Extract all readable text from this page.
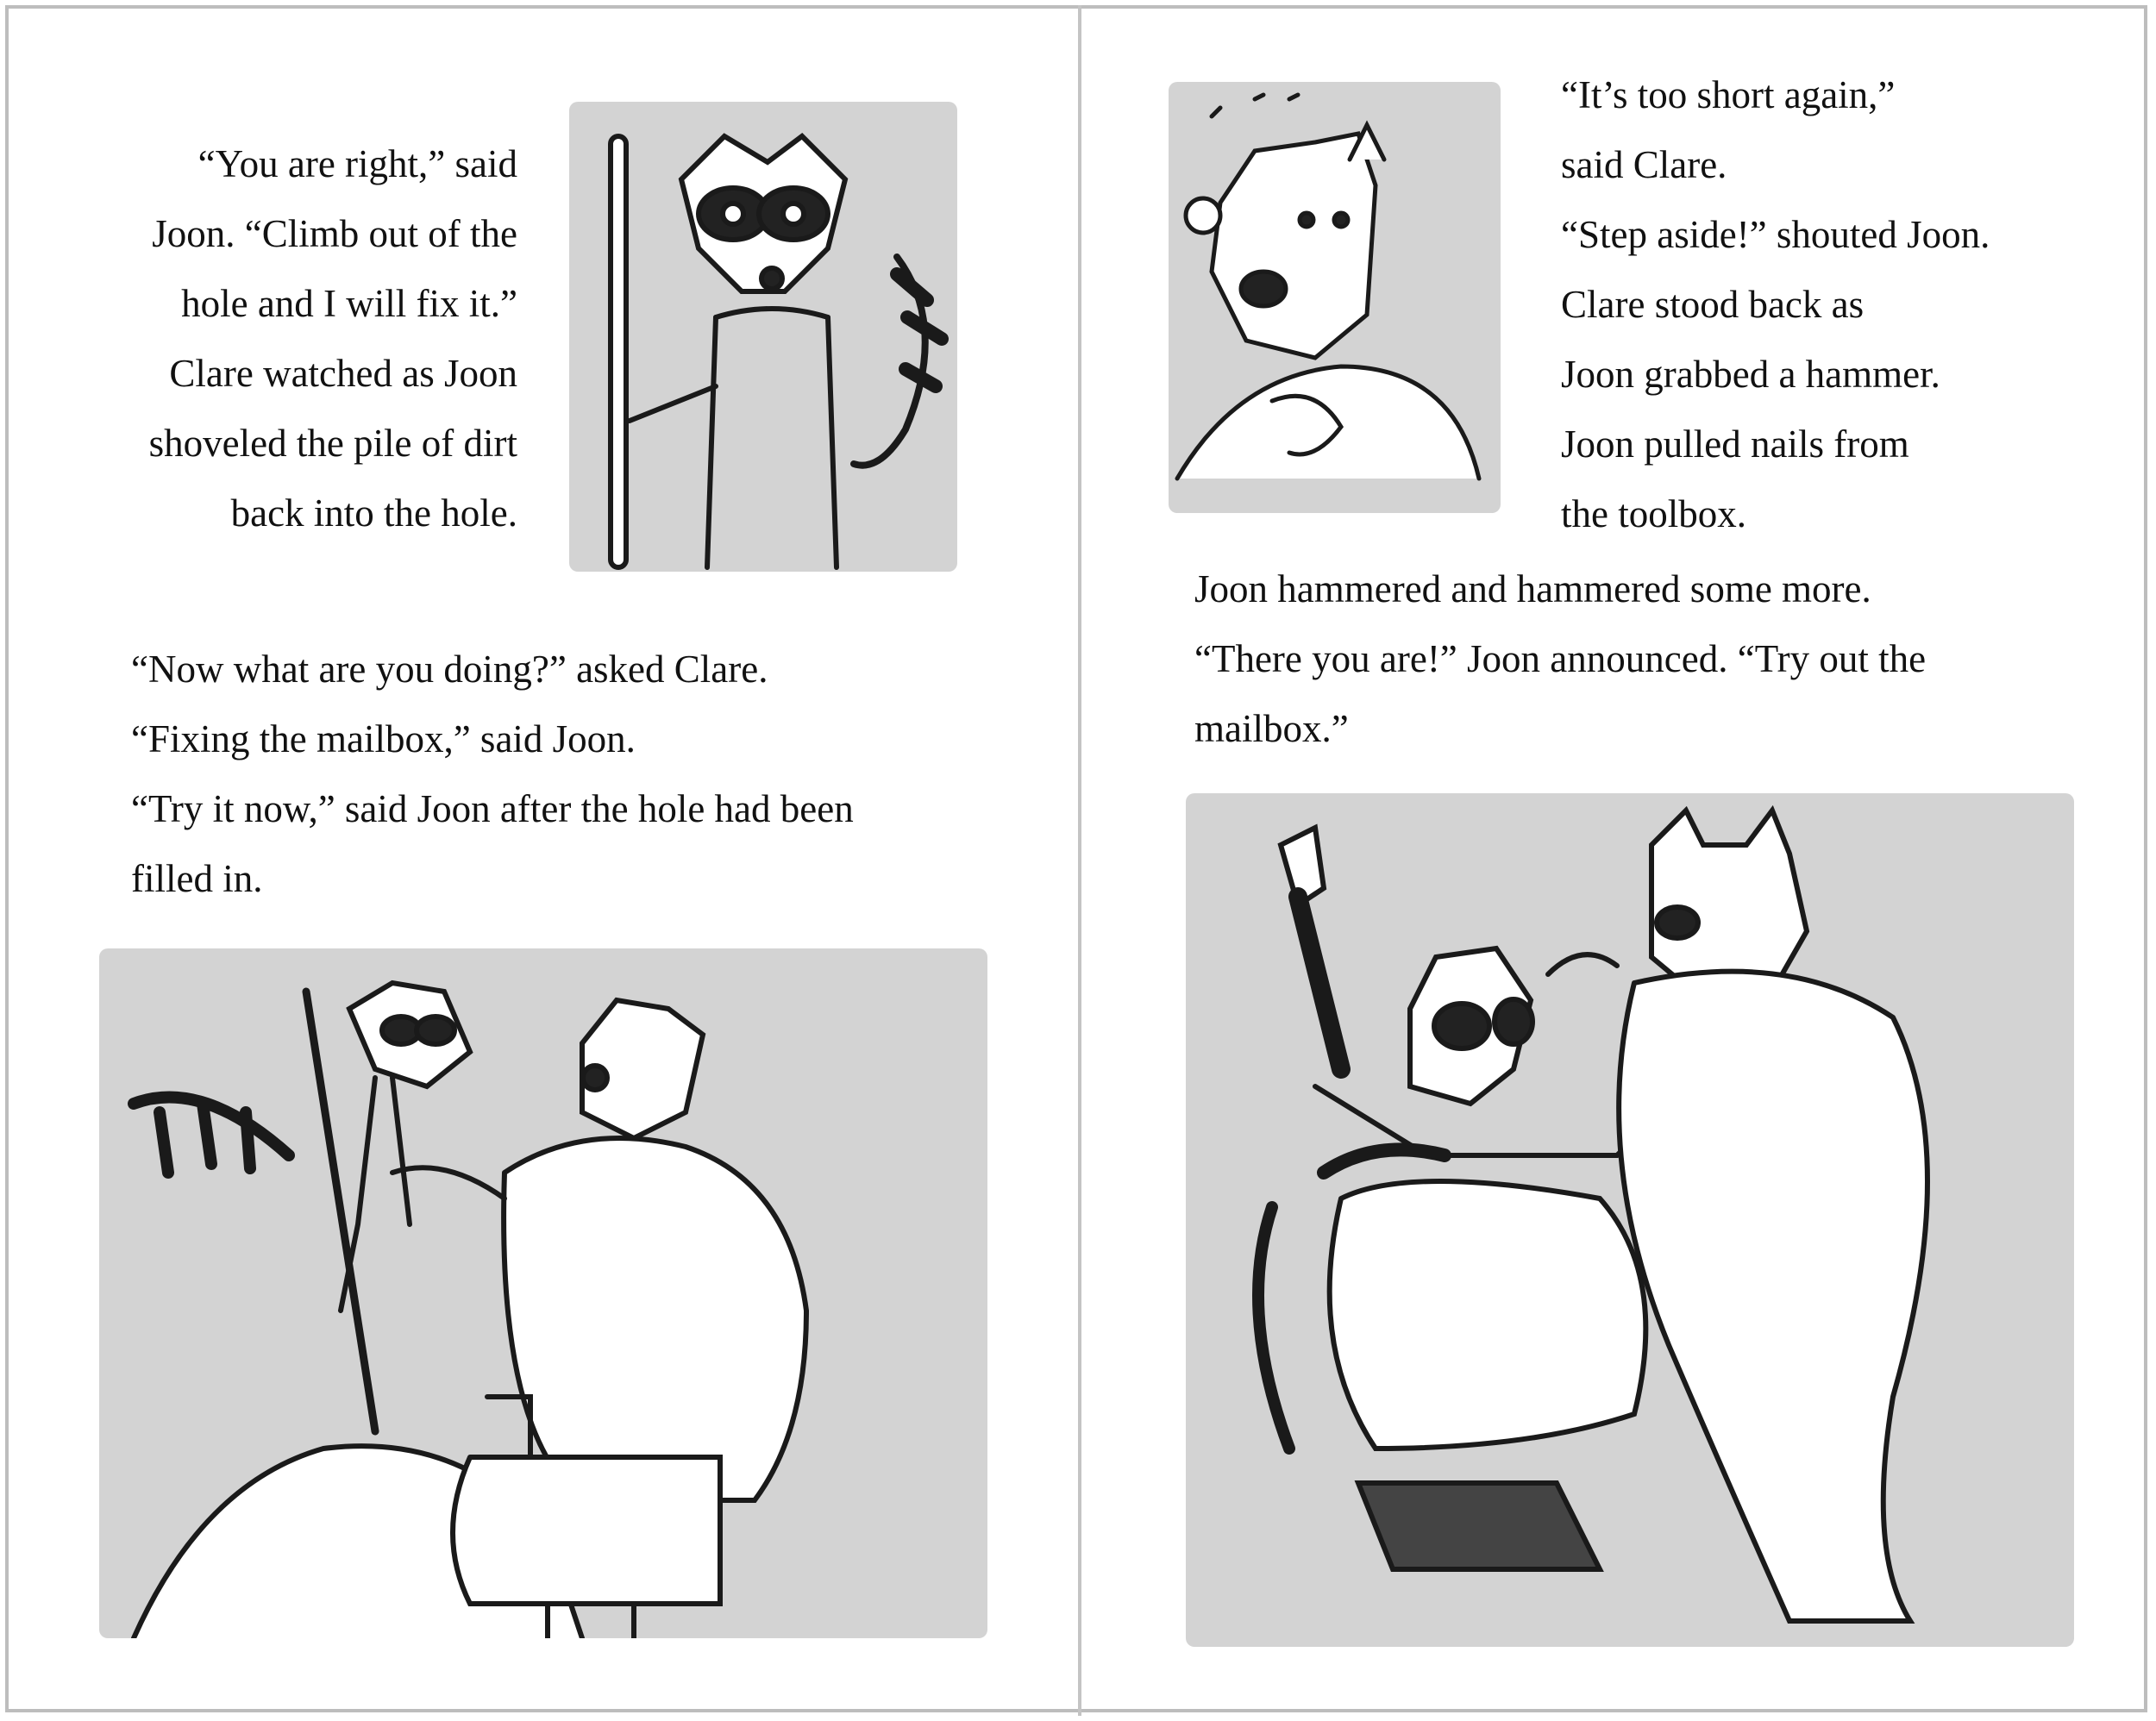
“You are right,” said
Joon. “Climb out of the
hole and I will fix it.”
Clare watched as Joon
shoveled the pile of dirt
back into the hole.
“Now what are you doing?” asked Clare.
“Fixing the mailbox,” said Joon.
“Try it now,” said Joon after the hole had been
filled in.
“It’s too short again,”
said Clare.
“Step aside!” shouted Joon.
Clare stood back as
Joon grabbed a hammer.
Joon pulled nails from
the toolbox.
Joon hammered and hammered some more.
“There you are!” Joon announced. “Try out the
mailbox.”
